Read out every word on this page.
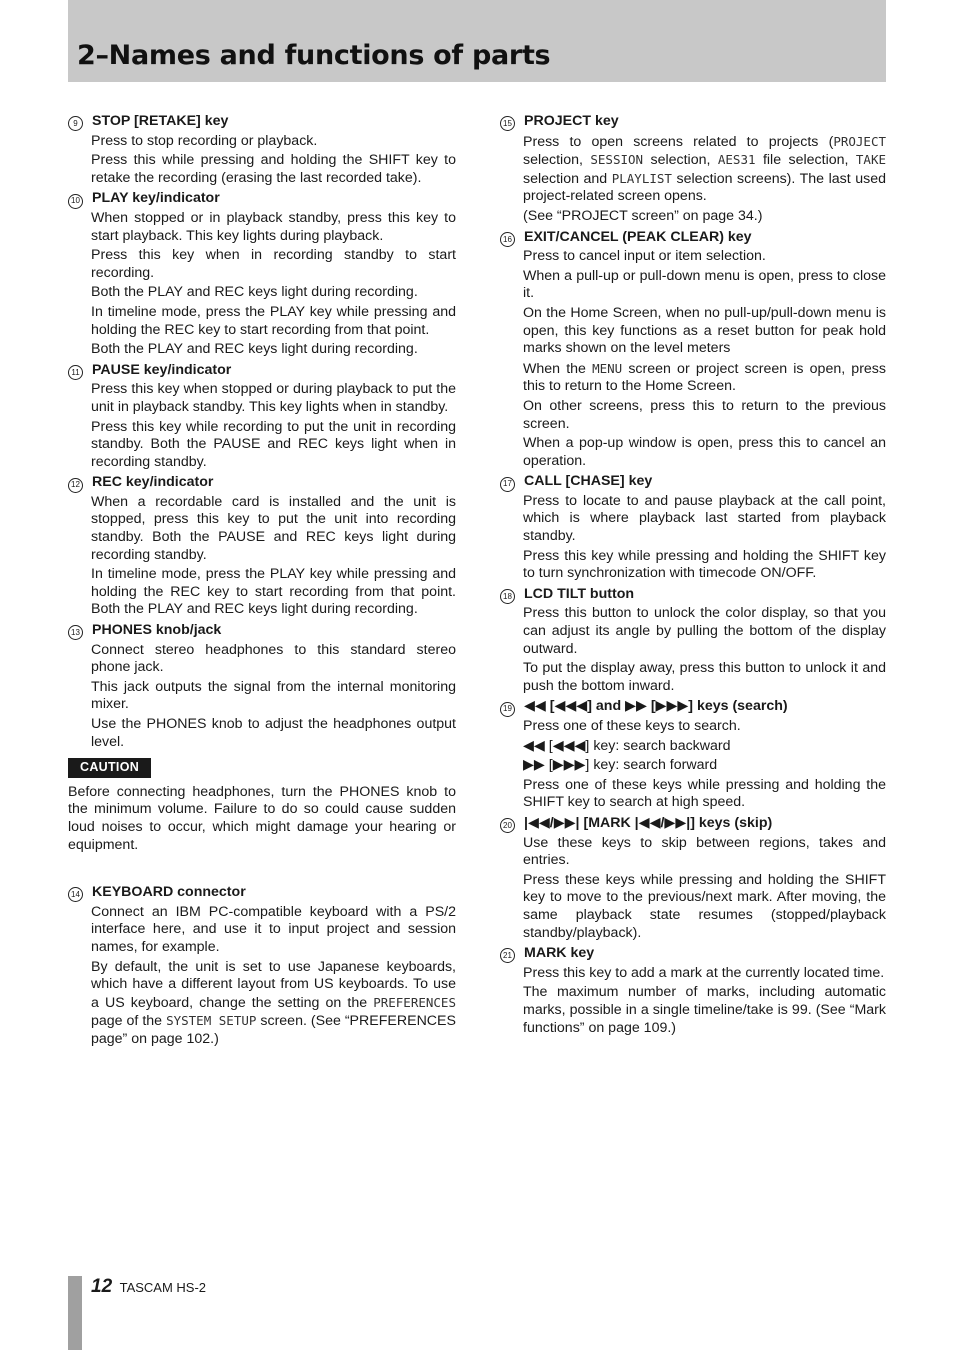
2–Names and functions of parts
9	STOP [RETAKE] key

Press to stop recording or playback.

Press this while pressing and holding the SHIFT key to retake the recording (erasing the last recorded take).

10 PLAY key/indicator

When stopped or in playback standby, press this key to start playback. This key lights during playback.

Press this key when in recording standby to start recording.

Both the PLAY and REC keys light during recording.

In timeline mode, press the PLAY key while pressing and holding the REC key to start recording from that point.

Both the PLAY and REC keys light during recording.

11 PAUSE key/indicator

Press this key when stopped or during playback to put the unit in playback standby. This key lights when in standby.

Press this key while recording to put the unit in recording standby. Both the PAUSE and REC keys light when in recording standby.

12 REC key/indicator

When a recordable card is installed and the unit is stopped, press this key to put the unit into recording standby. Both the PAUSE and REC keys light during recording standby.

In timeline mode, press the PLAY key while pressing and holding the REC key to start recording from that point. Both the PLAY and REC keys light during recording.

13 PHONES knob/jack

Connect stereo headphones to this standard stereo phone jack.

This jack outputs the signal from the internal monitoring mixer.

Use the PHONES knob to adjust the headphones output level.

CAUTION

Before connecting headphones, turn the PHONES knob to the minimum volume. Failure to do so could cause sudden loud noises to occur, which might damage your hearing or equipment.

14 KEYBOARD connector

Connect an IBM PC-compatible keyboard with a PS/2 interface here, and use it to input project and session names, for example.

By default, the unit is set to use Japanese keyboards, which have a different layout from US keyboards. To use a US keyboard, change the setting on the PREFERENCES page of the SYSTEM SETUP screen. (See “PREFERENCES page” on page 102.)

15 PROJECT key

Press to open screens related to projects (PROJECT selection, SESSION selection, AES31 file selection, TAKE selection and PLAYLIST selection screens). The last used project-related screen opens.

(See “PROJECT screen” on page 34.)

16 EXIT/CANCEL (PEAK CLEAR) key

Press to cancel input or item selection.

When a pull-up or pull-down menu is open, press to close it.

On the Home Screen, when no pull-up/pull-down menu is open, this key functions as a reset button for peak hold marks shown on the level meters

When the MENU screen or project screen is open, press this to return to the Home Screen.

On other screens, press this to return to the previous screen.

When a pop-up window is open, press this to cancel an operation.

17 CALL [CHASE] key

Press to locate to and pause playback at the call point, which is where playback last started from playback standby.

Press this key while pressing and holding the SHIFT key to turn synchronization with timecode ON/OFF.

18 LCD TILT button

Press this button to unlock the color display, so that you can adjust its angle by pulling the bottom of the display outward.

To put the display away, press this button to unlock it and push the bottom inward.

19 ◀◀ [◀◀◀] and ▶▶ [▶▶▶] keys (search)

Press one of these keys to search.

◀◀ [◀◀◀] key: search backward

▶▶ [▶▶▶] key: search forward

Press one of these keys while pressing and holding the SHIFT key to search at high speed.

20 |◀◀/▶▶| [MARK |◀◀/▶▶|] keys (skip)

Use these keys to skip between regions, takes and entries.

Press these keys while pressing and holding the SHIFT key to move to the previous/next mark. After moving, the same playback state resumes (stopped/playback standby/playback).

21 MARK key

Press this key to add a mark at the currently located time.

The maximum number of marks, including automatic marks, possible in a single timeline/take is 99. (See “Mark functions” on page 109.)

12 TASCAM HS-2
